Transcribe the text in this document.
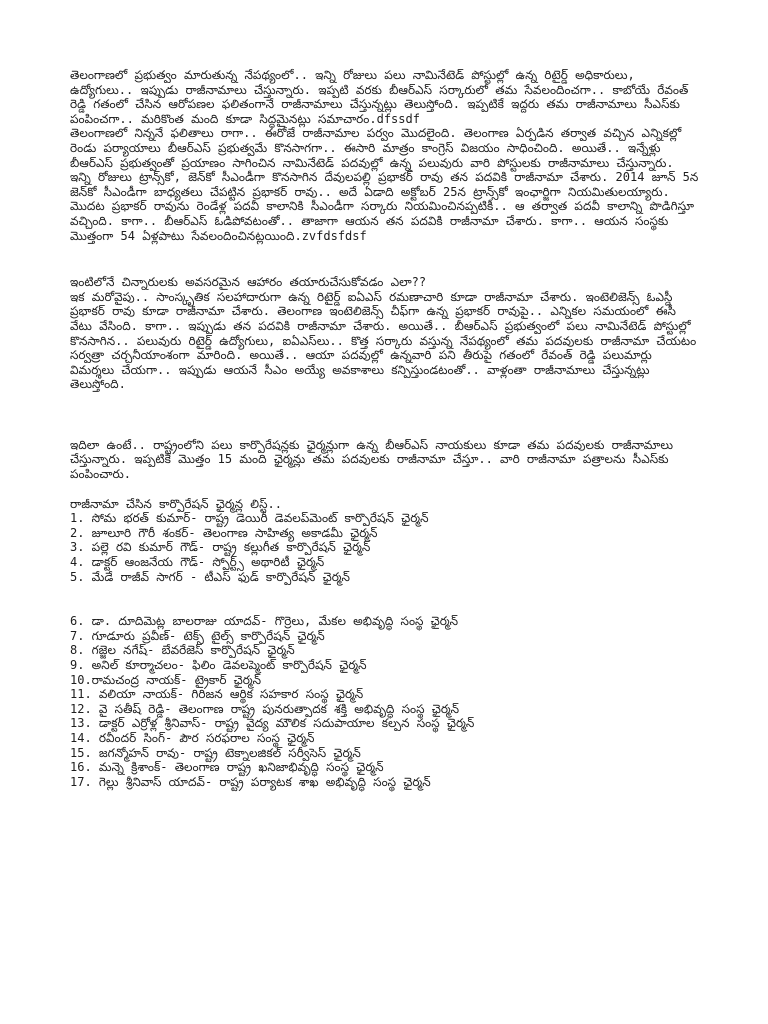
తెలంగాణలో ప్రభుత్వం మారుతున్న నేపథ్యంలో.. ఇన్ని రోజులు పలు నామినేటెడ్ పోస్టుల్లో ఉన్న రిటైర్డ్ అధికారులు, ఉద్యోగులు.. ఇప్పుడు రాజీనామాలు చేస్తున్నారు. ఇప్పటి వరకు బీఆర్ఎస్ సర్కారులో తమ సేవలందించగా.. కాబోయే రేవంత్ రెడ్డి గతంలో చేసిన ఆరోపణల ఫలితంగానే రాజీనామాలు చేస్తున్నట్లు తెలుస్తోంది. ఇప్పటికే ఇద్దరు తమ రాజీనామాలు సీఎస్‌కు పంపించగా.. మరికొంత మంది కూడా సిద్ధమైనట్లు సమాచారం.dfssdf

తెలంగాణలో నిన్ననే ఫలితాలు రాగా.. ఈరోజే రాజీనామాల పర్వం మొదలైంది. తెలంగాణ ఏర్పడిన తర్వాత వచ్చిన ఎన్నికల్లో రెండు పర్యాయాలు బీఆర్ఎస్ ప్రభుత్వమే కొనసాగగా.. ఈసారి మాత్రం కాంగ్రెస్ విజయం సాధించింది. అయితే.. ఇన్నేళ్లు బీఆర్ఎస్ ప్రభుత్వంతో ప్రయాణం సాగించిన నామినేటెడ్ పదవుల్లో ఉన్న పలువురు వారి పోస్టులకు రాజీనామాలు చేస్తున్నారు. ఇన్ని రోజులు ట్రాన్స్‌కో, జెన్‌కో సీఎండీగా కొనసాగిన దేవులపల్లి ప్రభాకర్ రావు తన పదవికి రాజీనామా చేశారు. 2014 జూన్ 5న జెన్‌కో సీఎండీగా బాధ్యతలు చేపట్టిన ప్రభాకర్ రావు.. అదే ఏడాది అక్టోబర్ 25న ట్రాన్స్‌కో ఇంఛార్జిగా నియమితులయ్యారు. మొదట ప్రభాకర్ రావును రెండేళ్ల పదవీ కాలానికి సీఎండీగా సర్కారు నియమించినప్పటికీ.. ఆ తర్వాత పదవీ కాలాన్ని పొడిగిస్తూ వచ్చింది. కాగా.. బీఆర్ఎస్ ఓడిపోవటంతో.. తాజాగా ఆయన తన పదవికి రాజీనామా చేశారు. కాగా.. ఆయన సంస్థకు మొత్తంగా 54 ఏళ్లపాటు సేవలందించినట్లయింది.zvfdsfdsf

ఇంటిలోనే చిన్నారులకు అవసరమైన ఆహారం తయారుచేసుకోవడం ఎలా??

ఇక మరోవైపు.. సాంస్కృతిక సలహాదారుగా ఉన్న రిటైర్డ్ ఐఏఎస్ రమణాచారి కూడా రాజీనామా చేశారు. ఇంటెలిజెన్స్ ఓఎస్డీ ప్రభాకర్ రావు కూడా రాజీనామా చేశారు. తెలంగాణ ఇంటెలిజెన్స్ చీఫ్‌గా ఉన్న ప్రభాకర్ రావుపై.. ఎన్నికల సమయంలో ఈసీ వేటు వేసింది. కాగా.. ఇప్పుడు తన పదవికి రాజీనామా చేశారు. అయితే.. బీఆర్ఎస్ ప్రభుత్వంలో పలు నామినేటెడ్ పోస్టుల్లో కొనసాగిన.. పలువురు రిటైర్డ్ ఉద్యోగులు, ఐఏఎస్‌లు.. కొత్త సర్కారు వస్తున్న నేపథ్యంలో తమ పదవులకు రాజీనామా చేయటం సర్వత్రా చర్చనీయాంశంగా మారింది. అయితే.. ఆయా పదవుల్లో ఉన్నవారి పని తీరుపై గతంలో రేవంత్ రెడ్డి పలుమార్లు విమర్శలు చేయగా.. ఇప్పుడు ఆయనే సీఎం అయ్యే అవకాశాలు కన్పిస్తుండటంతో.. వాళ్లంతా రాజీనామాలు చేస్తున్నట్లు తెలుస్తోంది.

ఇదిలా ఉంటే.. రాష్ట్రంలోని పలు కార్పొరేషన్లకు ఛైర్మన్లుగా ఉన్న బీఆర్ఎస్ నాయకులు కూడా తమ పదవులకు రాజీనామాలు చేస్తున్నారు. ఇప్పటికే మొత్తం 15 మంది ఛైర్మన్లు తమ పదవులకు రాజీనామా చేస్తూ.. వారి రాజీనామా పత్రాలను సీఎస్‌కు పంపించారు.

రాజీనామా చేసిన కార్పొరేషన్ ఛైర్మన్ల లిస్ట్..

1. సోమ భరత్ కుమార్- రాష్ట్ర డెయిరీ డెవలప్‌మెంట్ కార్పొరేషన్ ఛైర్మన్
2. జూలూరి గౌరీ శంకర్- తెలంగాణ సాహిత్య అకాడమీ ఛైర్మన్
3. పల్లె రవి కుమార్ గౌడ్- రాష్ట్ర కల్లుగీత కార్పొరేషన్ ఛైర్మన్
4. డాక్టర్ ఆంజనేయ గౌడ్- స్పోర్ట్స్ అథారిటీ ఛైర్మన్
5. మేడే రాజీవ్ సాగర్ - టీఎస్ ఫుడ్ కార్పొరేషన్ ఛైర్మన్
6. డా. దూదిమెట్ల బాలరాజు యాదవ్- గొర్రెలు, మేకల అభివృద్ధి సంస్థ ఛైర్మన్
7. గూడూరు ప్రవీణ్- టెక్స్ టైల్స్ కార్పొరేషన్ ఛైర్మన్
8. గజ్జెల నగేష్- బేవరేజెస్ కార్పొరేషన్ ఛైర్మన్
9. అనిల్ కూర్మాచలం- ఫిలిం డెవలప్మెంట్ కార్పొరేషన్ ఛైర్మన్
10.రామచంద్ర నాయక్- ట్రైకార్ ఛైర్మన్
11. వలియా నాయక్- గిరిజన ఆర్థిక సహకార సంస్థ ఛైర్మన్
12. వై సతీష్ రెడ్డి- తెలంగాణ రాష్ట్ర పునరుత్పాదక శక్తి అభివృద్ధి సంస్థ ఛైర్మన్
13. డాక్టర్ ఎర్రోళ్ల శ్రీనివాస్- రాష్ట్ర వైద్య మౌలిక సదుపాయాల కల్పన సంస్థ ఛైర్మన్
14. రవీందర్ సింగ్- పౌర సరఫరాల సంస్థ ఛైర్మన్
15. జగన్మోహన్ రావు- రాష్ట్ర టెక్నాలజికల్ సర్వీసెస్ ఛైర్మన్
16. మన్నె క్రిశాంక్- తెలంగాణ రాష్ట్ర ఖనిజాభివృద్ధి సంస్థ ఛైర్మన్
17. గెల్లు శ్రీనివాస్ యాదవ్- రాష్ట్ర పర్యాటక శాఖ అభివృద్ధి సంస్థ ఛైర్మన్
